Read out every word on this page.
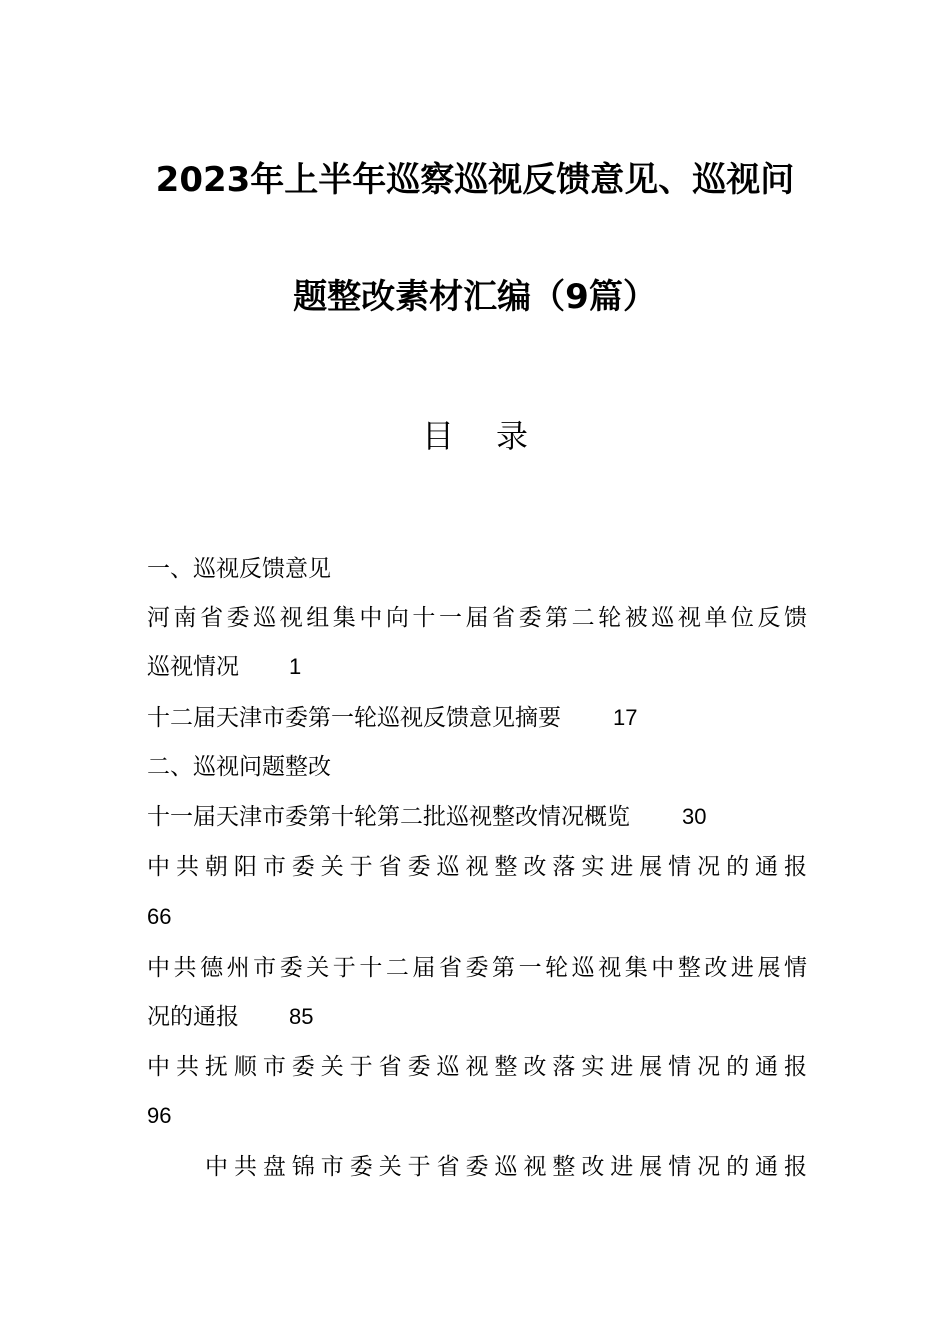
2023年上半年巡察巡视反馈意见、巡视问
题整改素材汇编（9篇）
目 录
一、巡视反馈意见
河南省委巡视组集中向十一届省委第二轮被巡视单位反馈
巡视情况 1
十二届天津市委第一轮巡视反馈意见摘要 17
二、巡视问题整改
十一届天津市委第十轮第二批巡视整改情况概览 30
中共朝阳市委关于省委巡视整改落实进展情况的通报
66
中共德州市委关于十二届省委第一轮巡视集中整改进展情
况的通报 85
中共抚顺市委关于省委巡视整改落实进展情况的通报
96
中共盘锦市委关于省委巡视整改进展情况的通报
